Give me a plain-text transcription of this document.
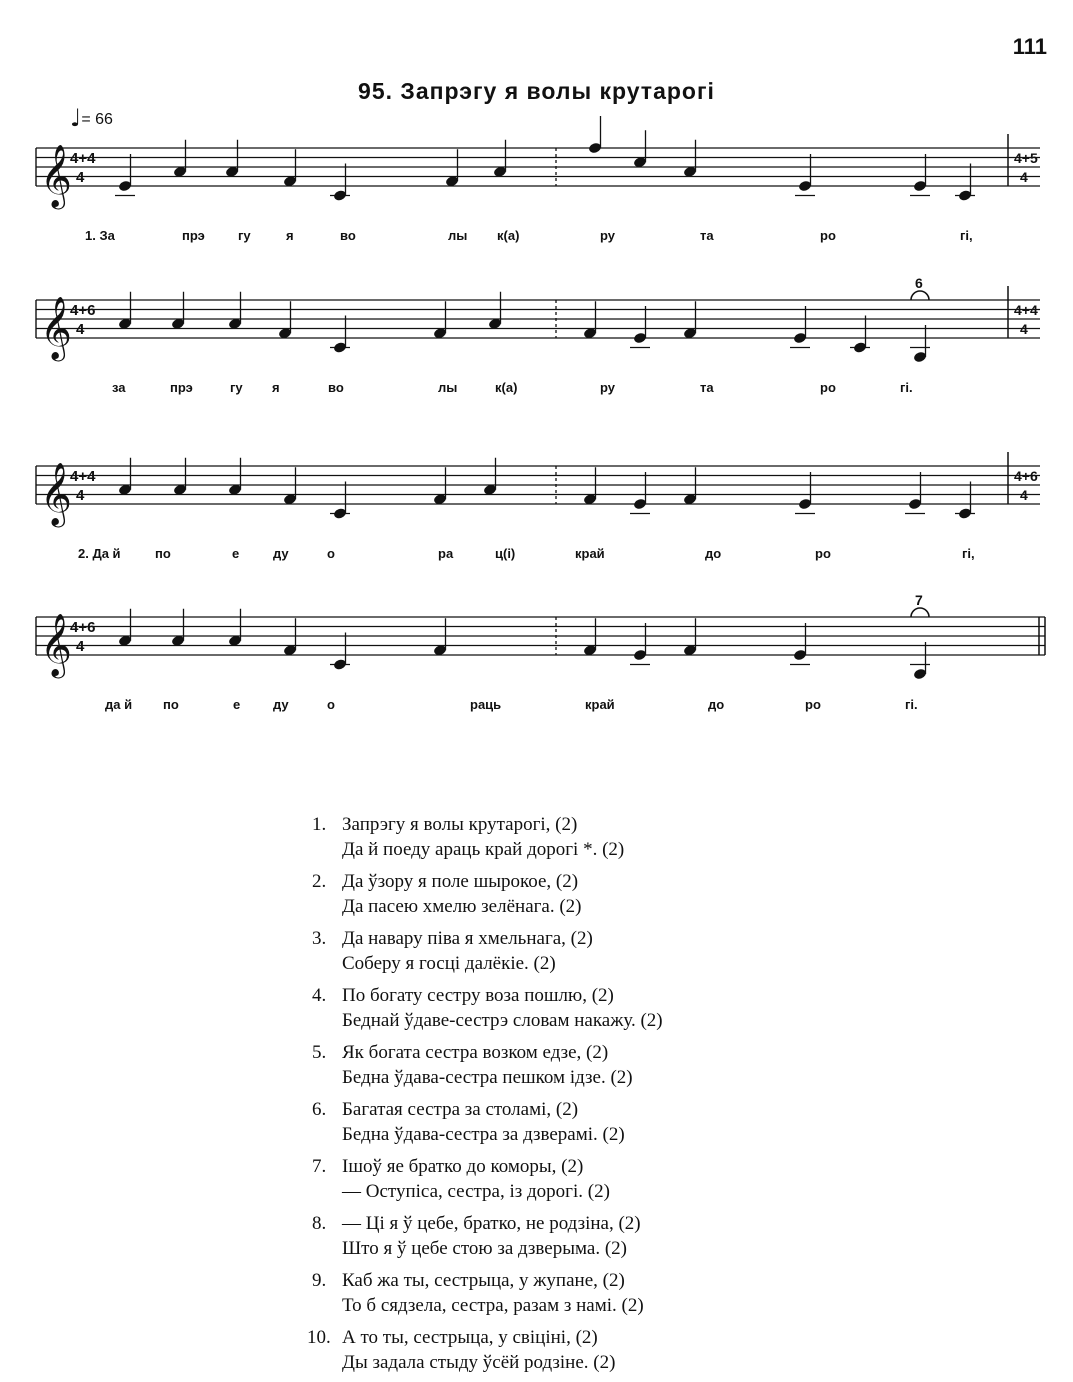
111
95. Запрэгу я волы крутарогі
♩= 66
𝄞
4+4
4
4+5
4
1. За	прэ	гу	я	во	лы к(а)	ру	та	ро	гі,
𝄞
4+6
4
4+4
4
6
за	прэ	гу я	во	лы	к(а)	ру	та	ро	гі.
𝄞
4+4
4
4+6
4
2. Да й	по	е	ду	о	ра	ц(і)	край	до	ро	гі,
𝄞
4+6
4
7
да й по	е	ду	о	раць	край	до	ро	гі.
1. Запрэгу я волы крутарогі, (2)
Да й поеду араць край дорогі *. (2)
2. Да ўзору я поле шырокое, (2)
Да пасею хмелю зелёнага. (2)
3. Да навару піва я хмельнага, (2)
Соберу я госці далёкіе. (2)
4. По богату сестру воза пошлю, (2)
Беднай ўдаве-сестрэ словам накажу. (2)
5. Як богата сестра возком едзе, (2)
Бедна ўдава-сестра пешком ідзе. (2)
6. Багатая сестра за столамі, (2)
Бедна ўдава-сестра за дзверамі. (2)
7. Ішоў яе братко до коморы, (2)
— Оступіса, сестра, із дорогі. (2)
8. — Ці я ў цебе, братко, не родзіна, (2)
Што я ў цебе стою за дзверыма. (2)
9. Каб жа ты, сестрыца, у жупане, (2)
То б сядзела, сестра, разам з намі. (2)
10. А то ты, сестрыца, у свіціні, (2)
Ды задала стыду ўсёй родзіне. (2)
